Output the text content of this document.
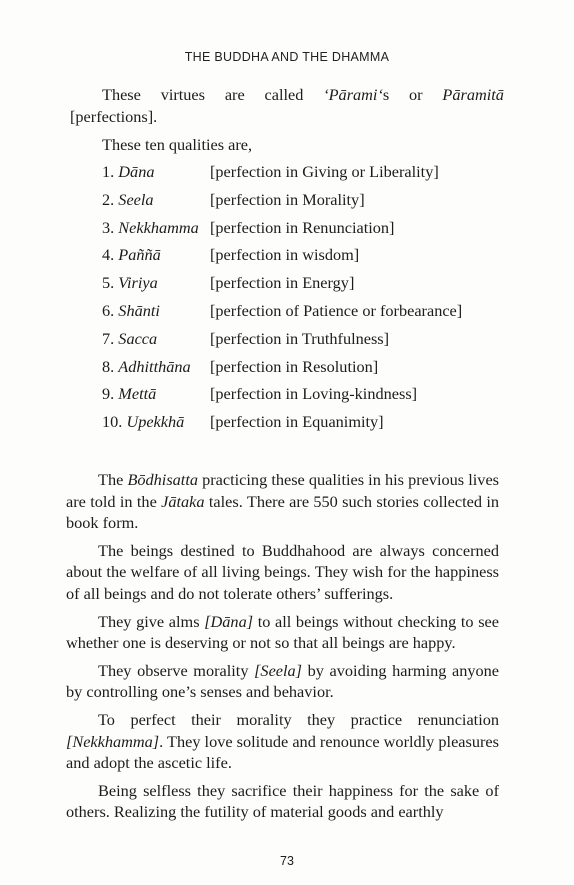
THE BUDDHA AND THE DHAMMA
These virtues are called ‘Pārami‘s or Pāramitā
[perfections].
These ten qualities are,
1. Dāna	[perfection in Giving or Liberality]
2. Seela	[perfection in Morality]
3. Nekkhamma [perfection in Renunciation]
4. Paññā	[perfection in wisdom]
5. Viriya	[perfection in Energy]
6. Shānti	[perfection of Patience or forbearance]
7. Sacca	[perfection in Truthfulness]
8. Adhitthāna [perfection in Resolution]
9. Mettā	[perfection in Loving-kindness]
10. Upekkhā [perfection in Equanimity]

The Bōdhisatta practicing these qualities in his previous lives are told in the Jātaka tales. There are 550 such stories collected in book form.

The beings destined to Buddhahood are always concerned about the welfare of all living beings. They wish for the happiness of all beings and do not tolerate others’ sufferings.

They give alms [Dāna] to all beings without checking to see whether one is deserving or not so that all beings are happy.

They observe morality [Seela] by avoiding harming anyone by controlling one’s senses and behavior.

To perfect their morality they practice renunciation [Nekkhamma]. They love solitude and renounce worldly pleasures and adopt the ascetic life.

Being selfless they sacrifice their happiness for the sake of others. Realizing the futility of material goods and earthly

73
